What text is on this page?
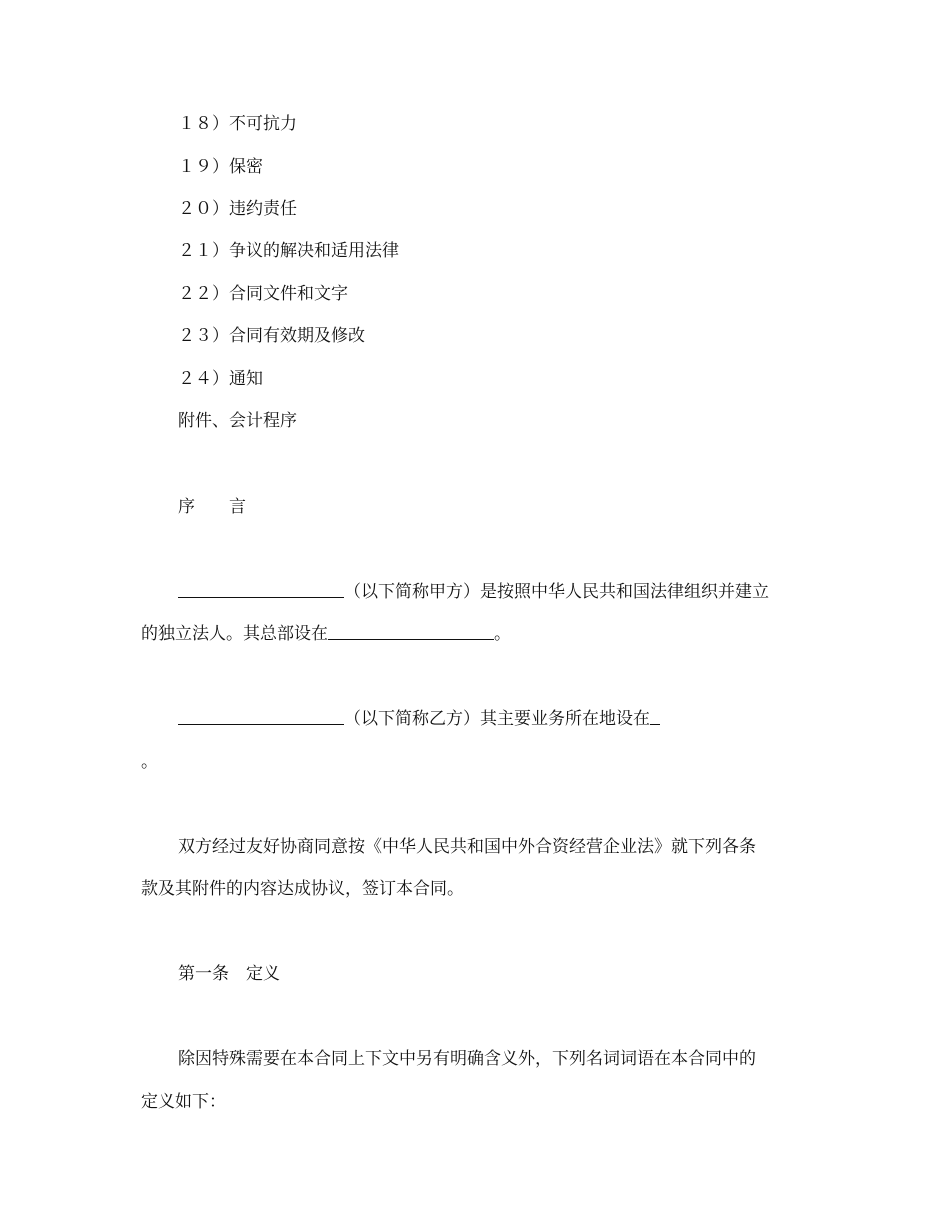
１８）不可抗力
１９）保密
２０）违约责任
２１）争议的解决和适用法律
２２）合同文件和文字
２３）合同有效期及修改
２４）通知
附件、会计程序
序　　言
（以下简称甲方）是按照中华人民共和国法律组织并建立
的独立法人。其总部设在	。
（以下简称乙方）其主要业务所在地设在
。
双方经过友好协商同意按《中华人民共和国中外合资经营企业法》就下列各条
款及其附件的内容达成协议，签订本合同。
第一条　定义
除因特殊需要在本合同上下文中另有明确含义外，下列名词词语在本合同中的
定义如下：
